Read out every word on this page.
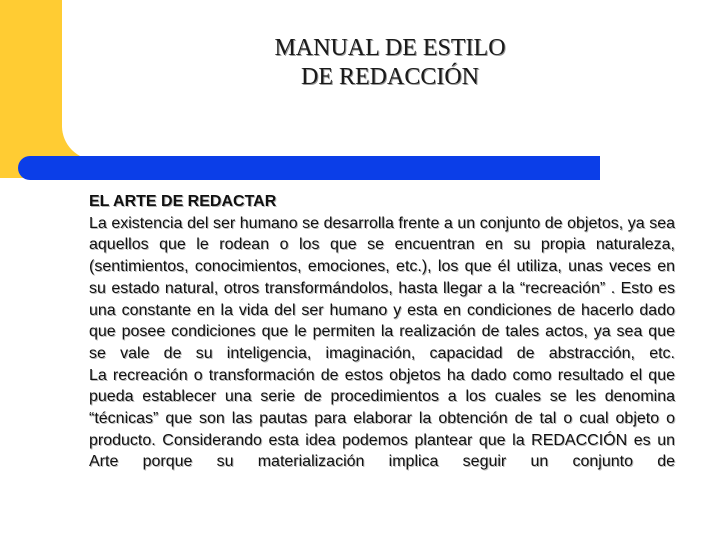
MANUAL DE ESTILO
DE REDACCIÓN
EL ARTE DE REDACTAR
La existencia del ser humano se desarrolla frente a un conjunto de objetos, ya sea aquellos que le rodean o los que se encuentran en su propia naturaleza, (sentimientos, conocimientos, emociones, etc.), los que él utiliza, unas veces en su estado natural, otros transformándolos, hasta llegar a la “recreación” . Esto es una constante en la vida del ser humano y esta en condiciones de hacerlo dado que posee condiciones que le permiten la realización de tales actos, ya sea que se vale de su inteligencia, imaginación, capacidad de abstracción, etc.
La recreación o transformación de estos objetos ha dado como resultado el que pueda establecer una serie de procedimientos a los cuales se les denomina “técnicas” que son las pautas para elaborar la obtención de tal o cual objeto o producto. Considerando esta idea podemos plantear que la REDACCIÓN es un Arte porque su materialización implica seguir un conjunto de
